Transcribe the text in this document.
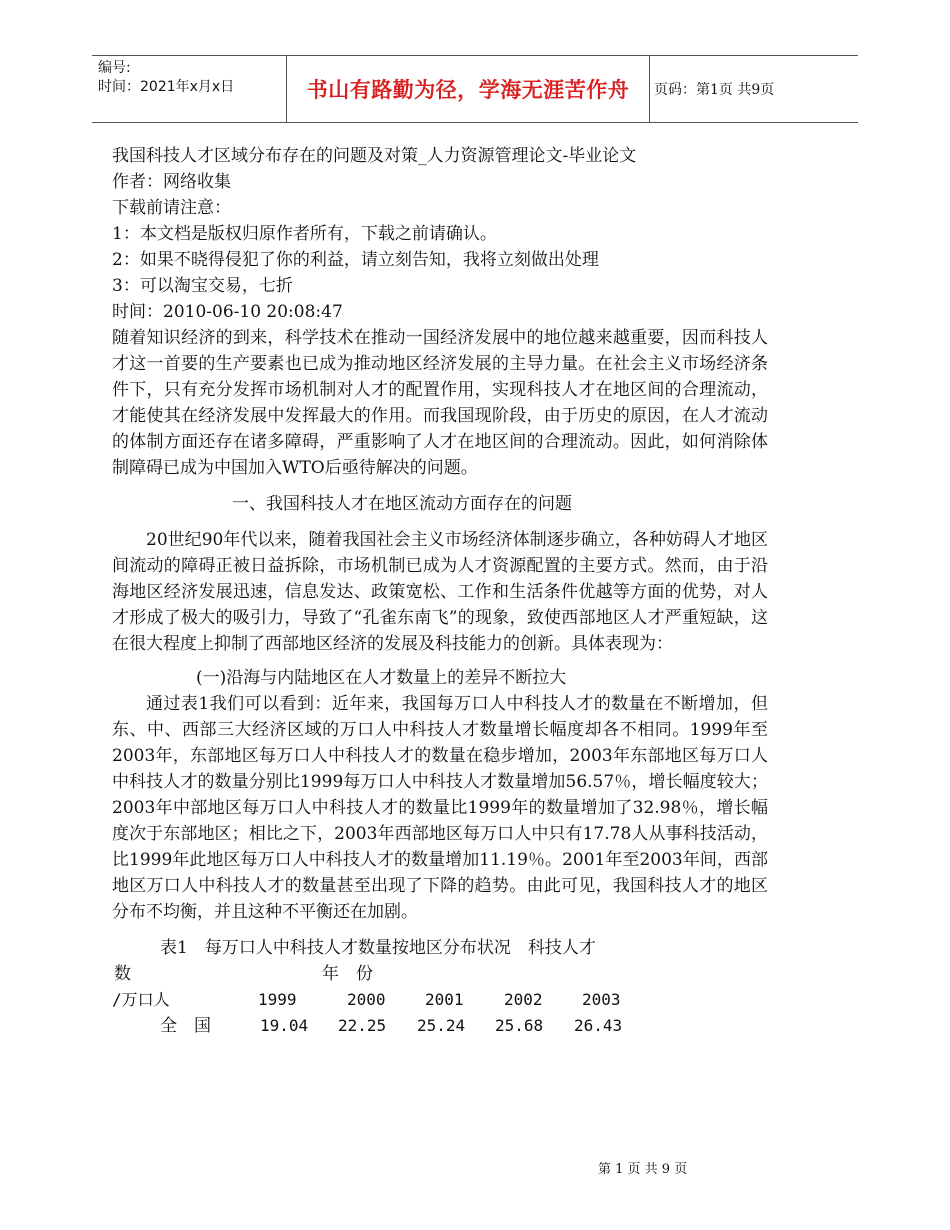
编号:
时间：2021年x月x日	书山有路勤为径，学海无涯苦作舟 页码：第1页 共9页
我国科技人才区域分布存在的问题及对策_人力资源管理论文-毕业论文
作者：网络收集
下载前请注意：
1：本文档是版权归原作者所有，下载之前请确认。
2：如果不晓得侵犯了你的利益，请立刻告知，我将立刻做出处理
3：可以淘宝交易，七折
时间：2010-06-10 20:08:47

随着知识经济的到来，科学技术在推动一国经济发展中的地位越来越重要，因而科技人才这一首要的生产要素也已成为推动地区经济发展的主导力量。在社会主义市场经济条件下，只有充分发挥市场机制对人才的配置作用，实现科技人才在地区间的合理流动，才能使其在经济发展中发挥最大的作用。而我国现阶段，由于历史的原因，在人才流动的体制方面还存在诸多障碍，严重影响了人才在地区间的合理流动。因此，如何消除体制障碍已成为中国加入WTO后亟待解决的问题。

一、我国科技人才在地区流动方面存在的问题

20世纪90年代以来，随着我国社会主义市场经济体制逐步确立，各种妨碍人才地区间流动的障碍正被日益拆除，市场机制已成为人才资源配置的主要方式。然而，由于沿海地区经济发展迅速，信息发达、政策宽松、工作和生活条件优越等方面的优势，对人才形成了极大的吸引力，导致了“孔雀东南飞”的现象，致使西部地区人才严重短缺，这在很大程度上抑制了西部地区经济的发展及科技能力的创新。具体表现为：

(一)沿海与内陆地区在人才数量上的差异不断拉大

通过表1我们可以看到：近年来，我国每万口人中科技人才的数量在不断增加，但东、中、西部三大经济区域的万口人中科技人才数量增长幅度却各不相同。1999年至2003年，东部地区每万口人中科技人才的数量在稳步增加，2003年东部地区每万口人中科技人才的数量分别比1999每万口人中科技人才数量增加56.57％，增长幅度较大；2003年中部地区每万口人中科技人才的数量比1999年的数量增加了32.98％，增长幅度次于东部地区；相比之下，2003年西部地区每万口人中只有17.78人从事科技活动，比1999年此地区每万口人中科技人才的数量增加11.19％。2001年至2003年间，西部地区万口人中科技人才的数量甚至出现了下降的趋势。由此可见，我国科技人才的地区分布不均衡，并且这种不平衡还在加剧。

表1　每万口人中科技人才数量按地区分布状况　科技人才
数	年　份
/万口人	1999	2000 2001	2002 2003
全　国	19.04 22.25 25.24 25.68 26.43
第 1 页 共 9 页
